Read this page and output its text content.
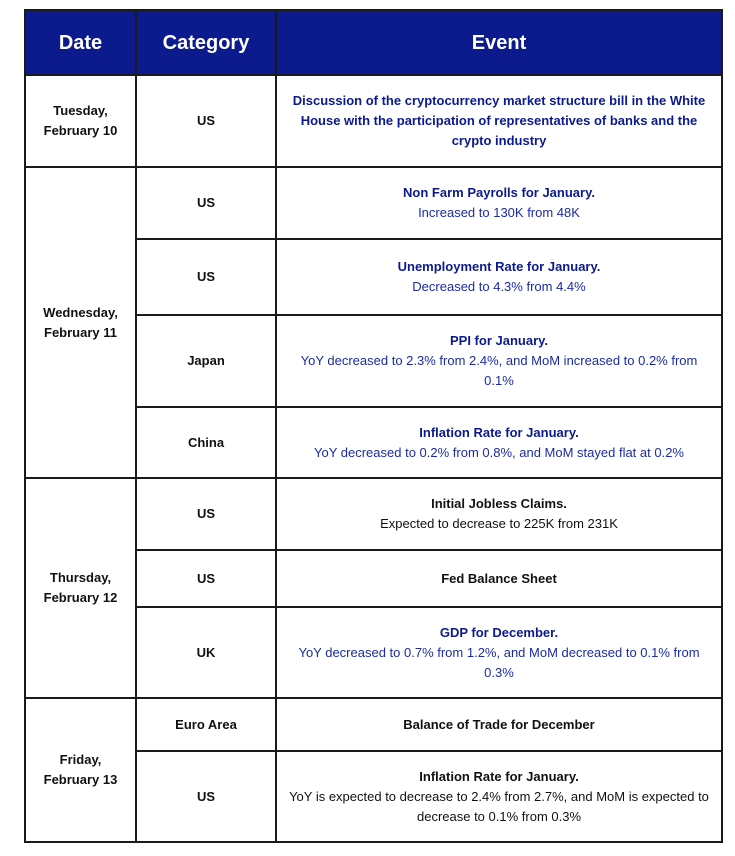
Date	Category	Event
Tuesday, February 10	US	Discussion of the cryptocurrency market structure bill in the White House with the participation of representatives of banks and the crypto industry

Wednesday, February 11	US	Non Farm Payrolls for January.
Increased to 130K from 48K

	US	Unemployment Rate for January.
Decreased to 4.3% from 4.4%

	Japan	PPI for January.
YoY decreased to 2.3% from 2.4%, and MoM increased to 0.2% from 0.1%

	China	Inflation Rate for January.
YoY decreased to 0.2% from 0.8%, and MoM stayed flat at 0.2%

Thursday, February 12	US	Initial Jobless Claims.
Expected to decrease to 225K from 231K

	US	Fed Balance Sheet

	UK	GDP for December.
YoY decreased to 0.7% from 1.2%, and MoM decreased to 0.1% from 0.3%

Friday, February 13	Euro Area	Balance of Trade for December

	US	Inflation Rate for January.
YoY is expected to decrease to 2.4% from 2.7%, and MoM is expected to decrease to 0.1% from 0.3%
